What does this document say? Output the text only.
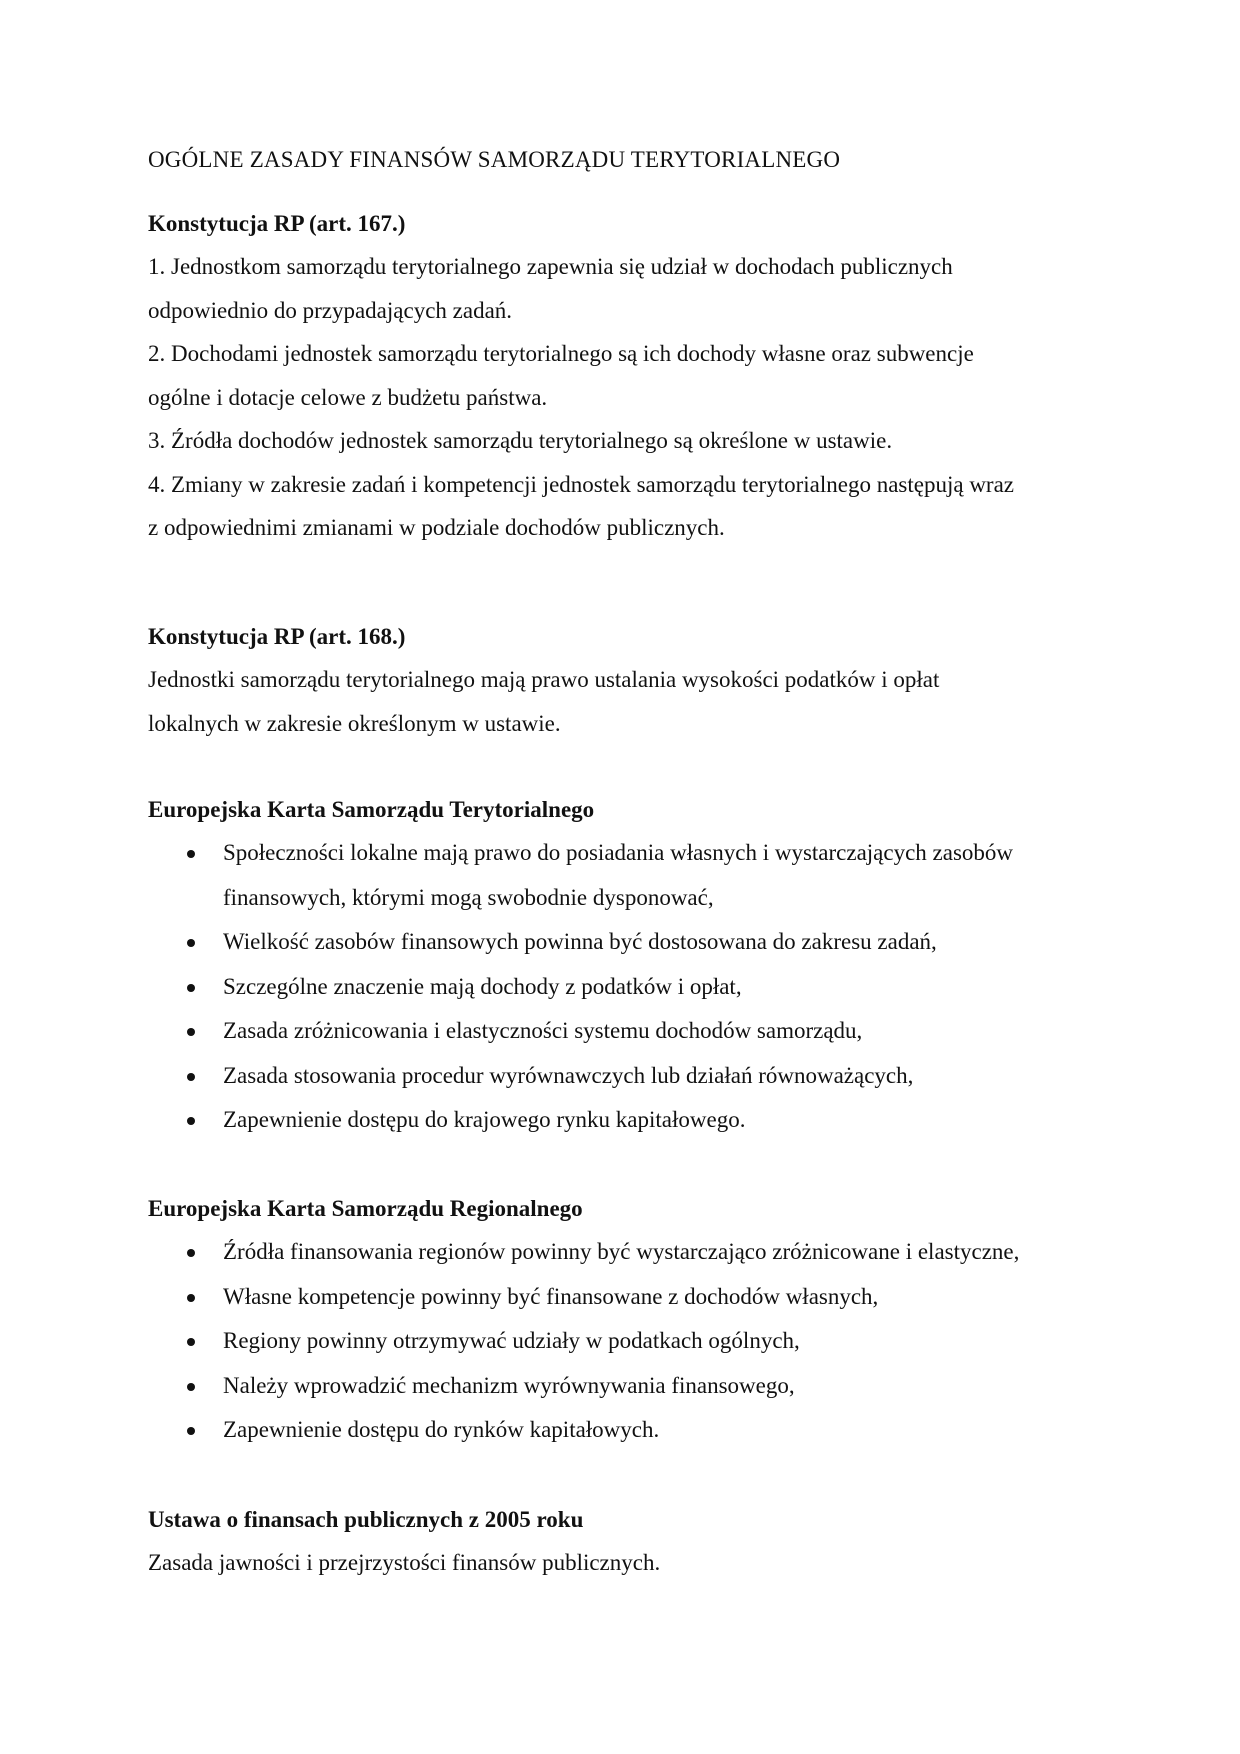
OGÓLNE ZASADY FINANSÓW SAMORZĄDU TERYTORIALNEGO
Konstytucja RP (art. 167.)

1. Jednostkom samorządu terytorialnego zapewnia się udział w dochodach publicznych
odpowiednio do przypadających zadań.

2. Dochodami jednostek samorządu terytorialnego są ich dochody własne oraz subwencje
ogólne i dotacje celowe z budżetu państwa.

3. Źródła dochodów jednostek samorządu terytorialnego są określone w ustawie.

4. Zmiany w zakresie zadań i kompetencji jednostek samorządu terytorialnego następują wraz
z odpowiednimi zmianami w podziale dochodów publicznych.

Konstytucja RP (art. 168.)

Jednostki samorządu terytorialnego mają prawo ustalania wysokości podatków i opłat
lokalnych w zakresie określonym w ustawie.

Europejska Karta Samorządu Terytorialnego
Społeczności lokalne mają prawo do posiadania własnych i wystarczających zasobów
finansowych, którymi mogą swobodnie dysponować,
Wielkość zasobów finansowych powinna być dostosowana do zakresu zadań,
Szczególne znaczenie mają dochody z podatków i opłat,
Zasada zróżnicowania i elastyczności systemu dochodów samorządu,
Zasada stosowania procedur wyrównawczych lub działań równoważących,
Zapewnienie dostępu do krajowego rynku kapitałowego.
Europejska Karta Samorządu Regionalnego
Źródła finansowania regionów powinny być wystarczająco zróżnicowane i elastyczne,
Własne kompetencje powinny być finansowane z dochodów własnych,
Regiony powinny otrzymywać udziały w podatkach ogólnych,
Należy wprowadzić mechanizm wyrównywania finansowego,
Zapewnienie dostępu do rynków kapitałowych.
Ustawa o finansach publicznych z 2005 roku

Zasada jawności i przejrzystości finansów publicznych.
